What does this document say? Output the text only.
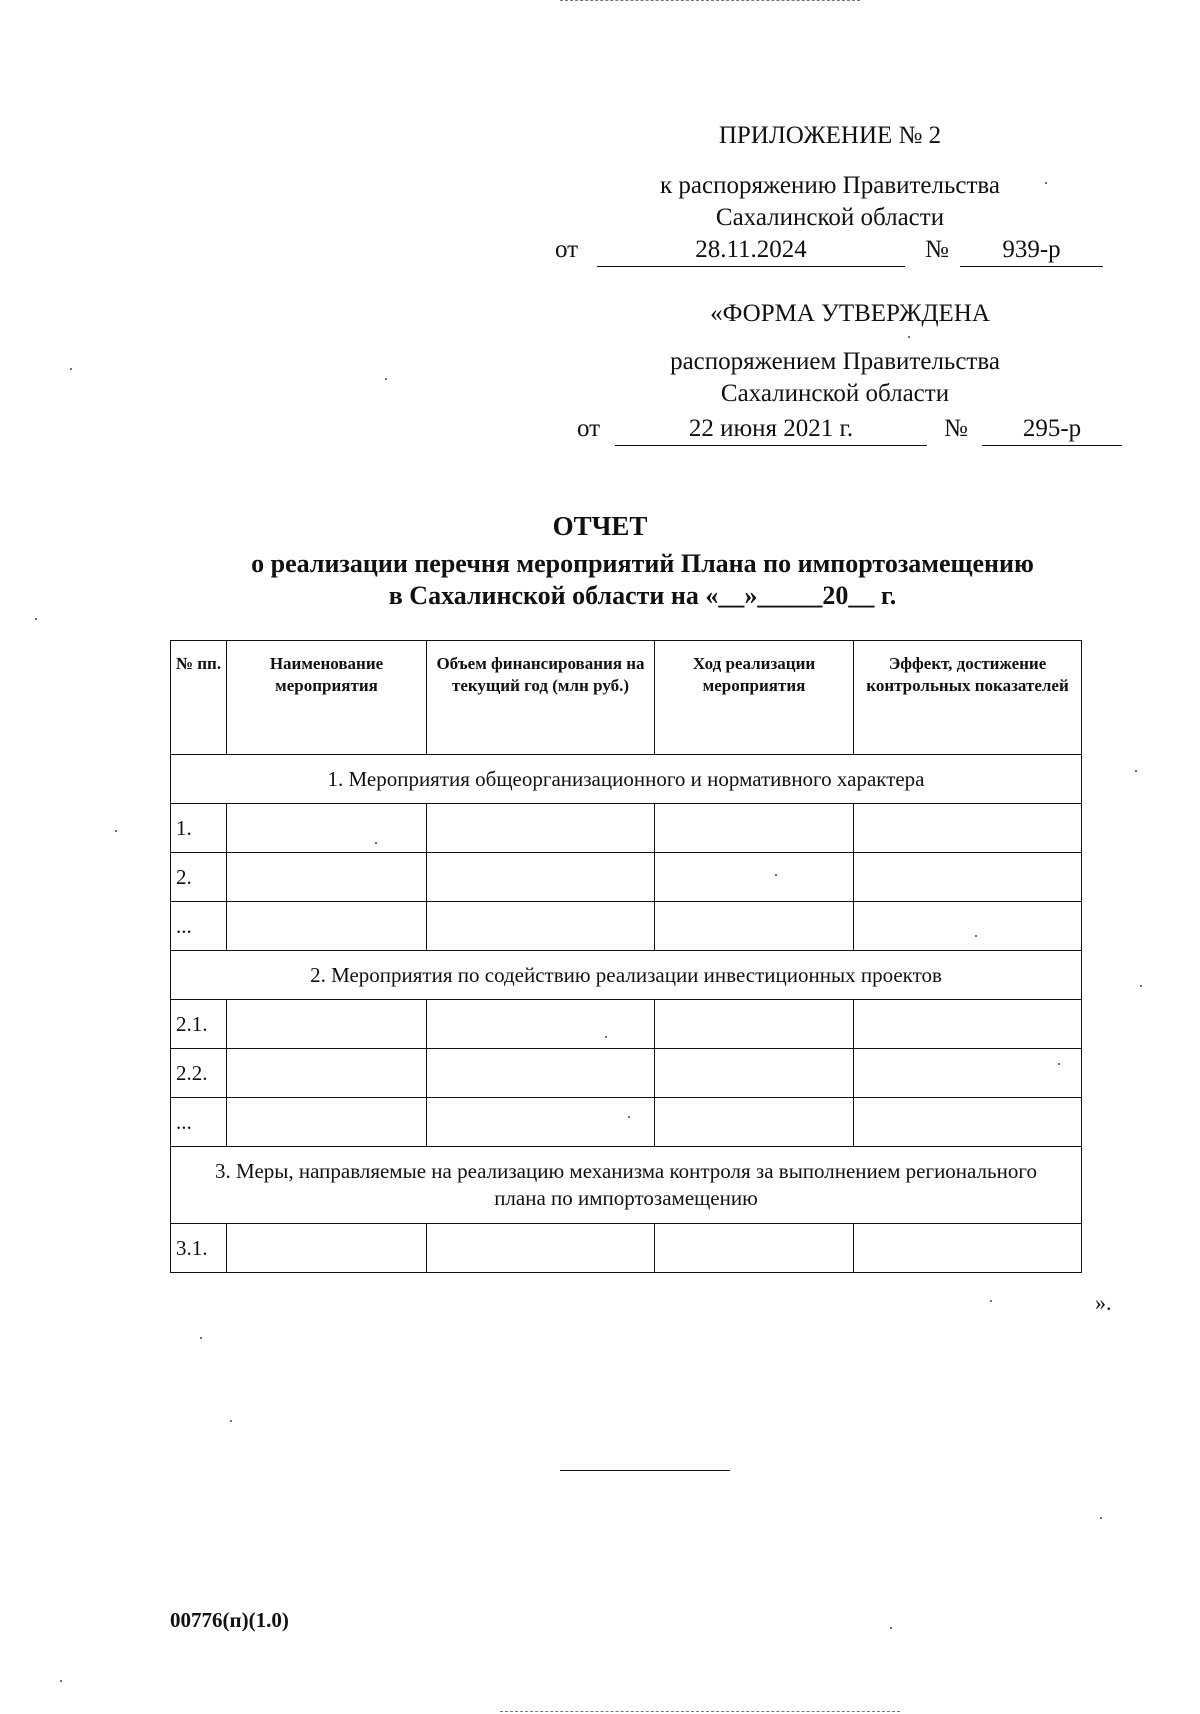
ПРИЛОЖЕНИЕ № 2
к распоряжению Правительства
Сахалинской области
от	28.11.2024	№	939-р
«ФОРМА УТВЕРЖДЕНА
распоряжением Правительства
Сахалинской области
от	22 июня 2021 г.	№	295-р
ОТЧЕТ
о реализации перечня мероприятий Плана по импортозамещению
в Сахалинской области на «__»_____20__ г.
№ пп.	Наименование мероприятия	Объем финансирования на текущий год (млн руб.)	Ход реализации мероприятия	Эффект, достижение контрольных показателей
1. Мероприятия общеорганизационного и нормативного характера				
1.				
2.				
...				
2. Мероприятия по содействию реализации инвестиционных проектов				
2.1.				
2.2.				
...				

3. Меры, направляемые на реализацию механизма контроля за выполнением регионального плана по импортозамещению				

3.1.				
».
00776(п)(1.0)
